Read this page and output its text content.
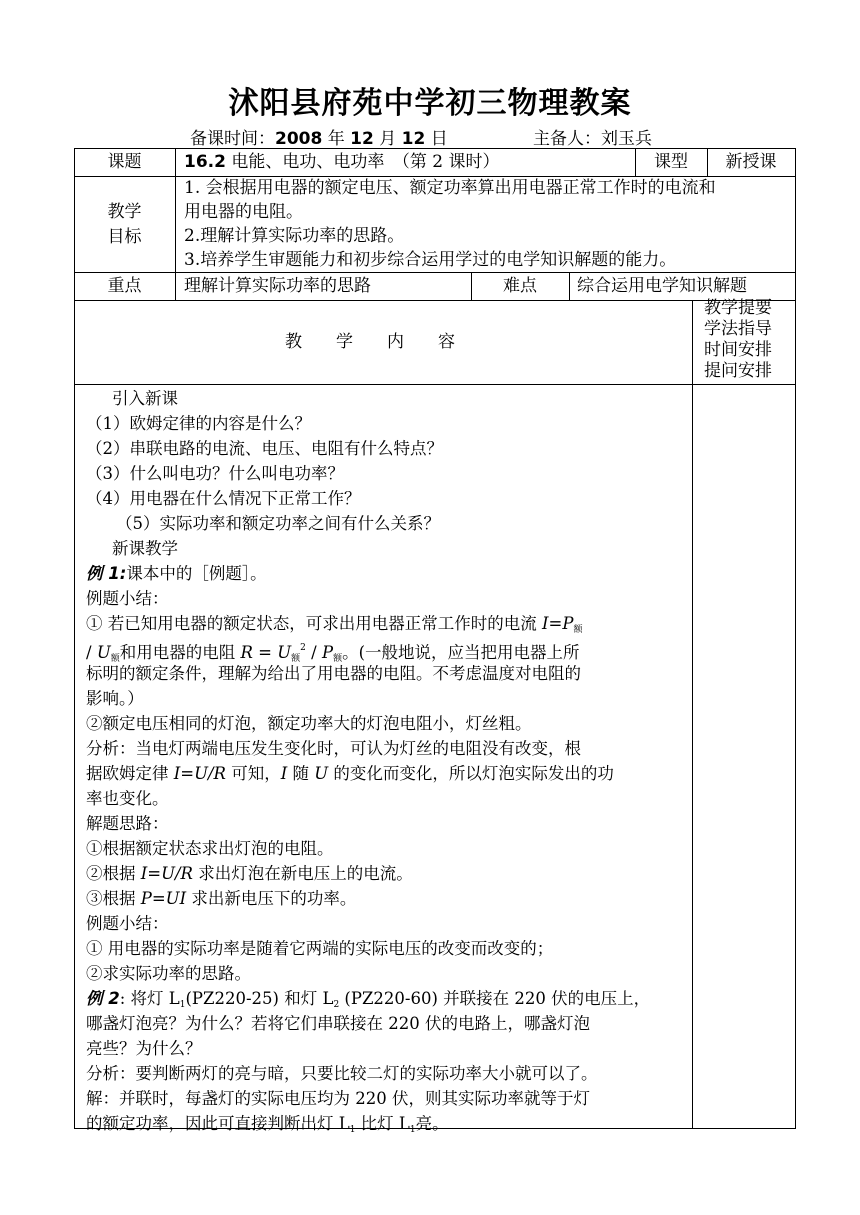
沭阳县府苑中学初三物理教案
备课时间：2008 年 12 月 12 日	主备人：刘玉兵
课题	16.2 电能、电功、电功率　（第 2 课时）	课型	新授课
教学
目标
1. 会根据用电器的额定电压、额定功率算出用电器正常工作时的电流和
用电器的电阻。
2.理解计算实际功率的思路。
3.培养学生审题能力和初步综合运用学过的电学知识解题的能力。
重点	理解计算实际功率的思路	难点	综合运用电学知识解题
教　　学　　内　　容
教学提要
学法指导
时间安排
提问安排
引入新课
（1）欧姆定律的内容是什么？
（2）串联电路的电流、电压、电阻有什么特点？
（3）什么叫电功？什么叫电功率？
（4）用电器在什么情况下正常工作？
（5）实际功率和额定功率之间有什么关系？
新课教学
例 1:课本中的［例题］。
例题小结：
① 若已知用电器的额定状态，可求出用电器正常工作时的电流 $I=P_额$
/ $U_额$和用电器的电阻 $R = U_额^2 / P_额$。(一般地说，应当把用电器上所
标明的额定条件，理解为给出了用电器的电阻。不考虑温度对电阻的
影响。）
②额定电压相同的灯泡，额定功率大的灯泡电阻小，灯丝粗。
分析：当电灯两端电压发生变化时，可认为灯丝的电阻没有改变，根
据欧姆定律 I=U/R 可知，I 随 U 的变化而变化，所以灯泡实际发出的功
率也变化。
解题思路：
①根据额定状态求出灯泡的电阻。
②根据 I=U/R 求出灯泡在新电压上的电流。
③根据 P=UI 求出新电压下的功率。
例题小结：
① 用电器的实际功率是随着它两端的实际电压的改变而改变的；
②求实际功率的思路。
例 2: 将灯 $L_1(PZ220-25)$ 和灯 $L_2$ (PZ220-60) 并联接在 220 伏的电压上，
哪盏灯泡亮？为什么？若将它们串联接在 220 伏的电路上，哪盏灯泡
亮些？为什么？
分析：要判断两灯的亮与暗，只要比较二灯的实际功率大小就可以了。
解：并联时，每盏灯的实际电压均为 220 伏，则其实际功率就等于灯
的额定功率，因此可直接判断出灯 $L_1$ 比灯 $L_1$亮。
